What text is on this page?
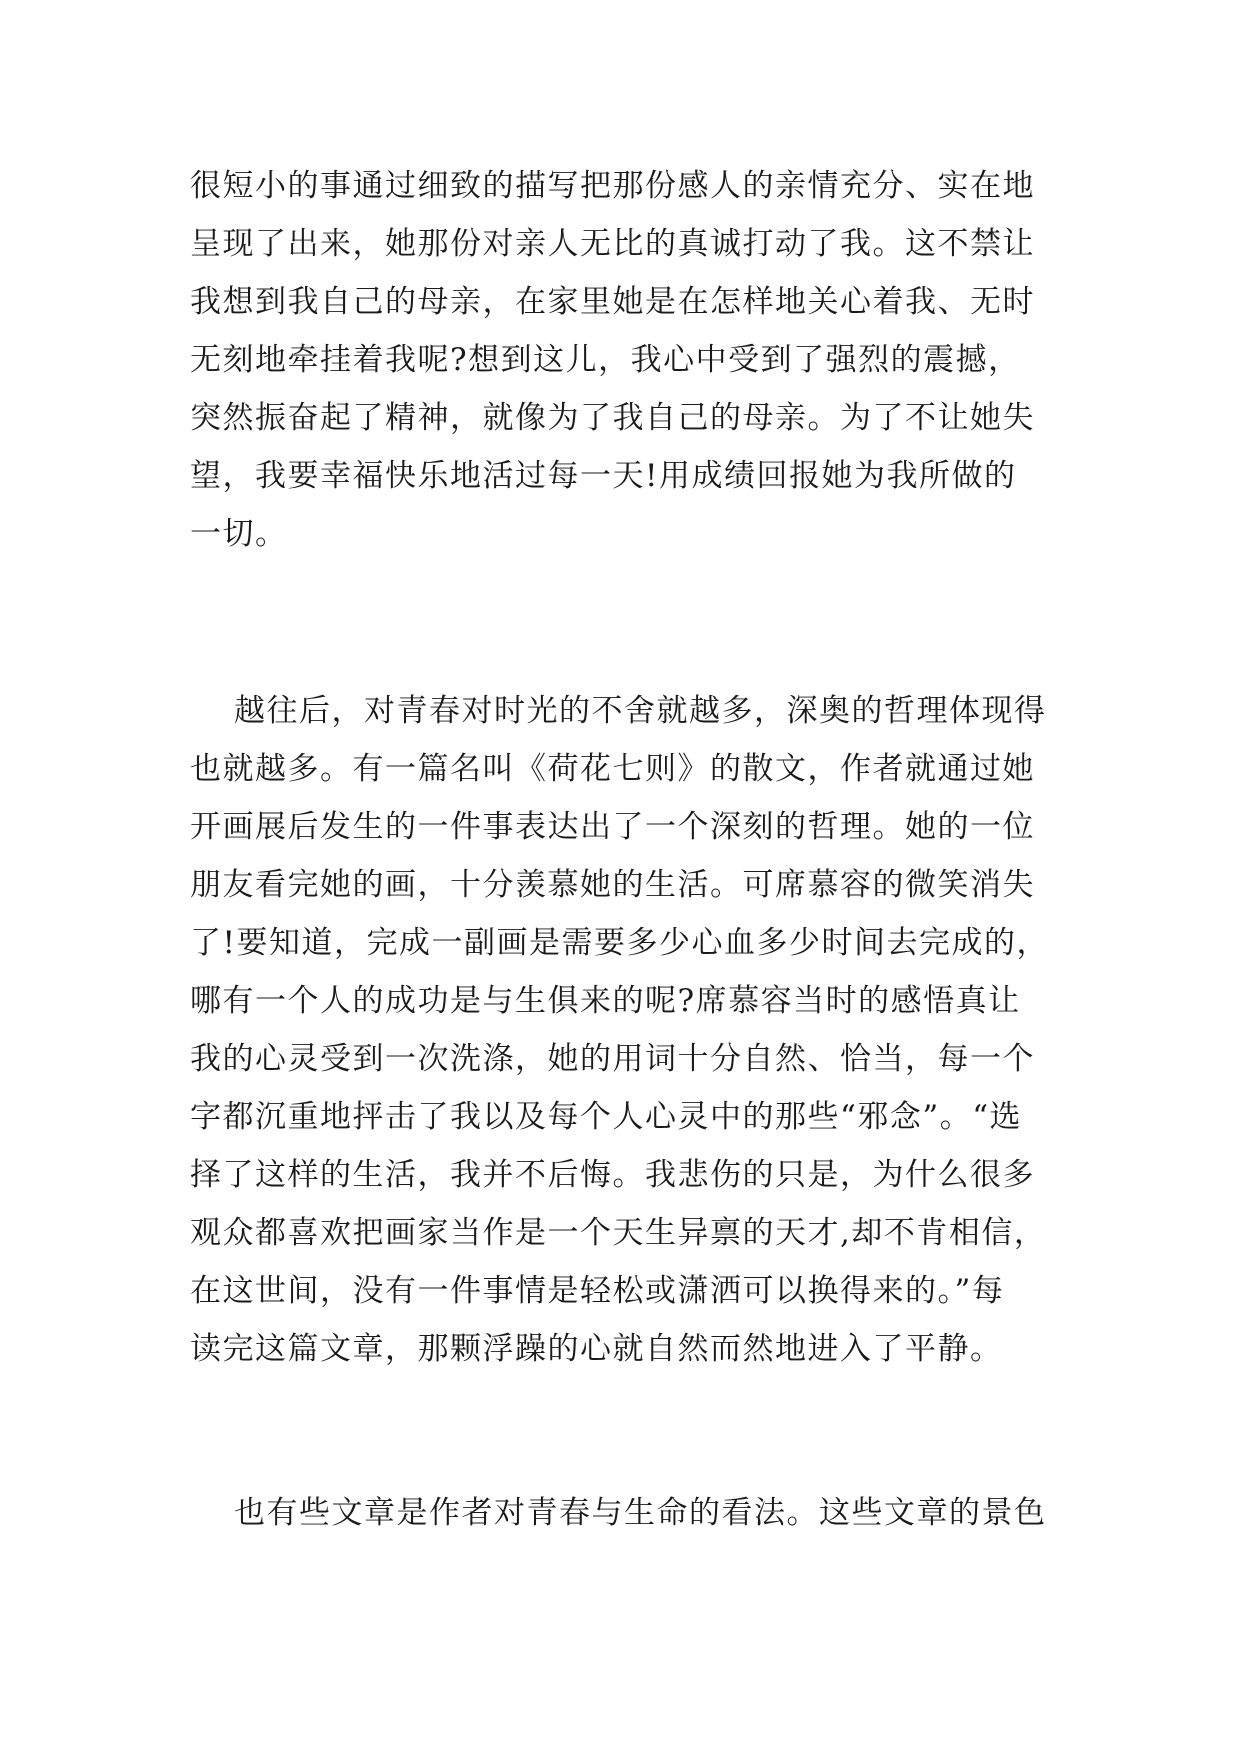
很短小的事通过细致的描写把那份感人的亲情充分、实在地
呈现了出来，她那份对亲人无比的真诚打动了我。这不禁让
我想到我自己的母亲，在家里她是在怎样地关心着我、无时
无刻地牵挂着我呢?想到这儿，我心中受到了强烈的震撼，
突然振奋起了精神，就像为了我自己的母亲。为了不让她失
望，我要幸福快乐地活过每一天!用成绩回报她为我所做的
一切。
越往后，对青春对时光的不舍就越多，深奥的哲理体现得
也就越多。有一篇名叫《荷花七则》的散文，作者就通过她
开画展后发生的一件事表达出了一个深刻的哲理。她的一位
朋友看完她的画，十分羡慕她的生活。可席慕容的微笑消失
了!要知道，完成一副画是需要多少心血多少时间去完成的，
哪有一个人的成功是与生俱来的呢?席慕容当时的感悟真让
我的心灵受到一次洗涤，她的用词十分自然、恰当，每一个
字都沉重地抨击了我以及每个人心灵中的那些“邪念”。“选
择了这样的生活，我并不后悔。我悲伤的只是，为什么很多
观众都喜欢把画家当作是一个天生异禀的天才,却不肯相信，
在这世间，没有一件事情是轻松或潇洒可以换得来的。”每
读完这篇文章，那颗浮躁的心就自然而然地进入了平静。
也有些文章是作者对青春与生命的看法。这些文章的景色
